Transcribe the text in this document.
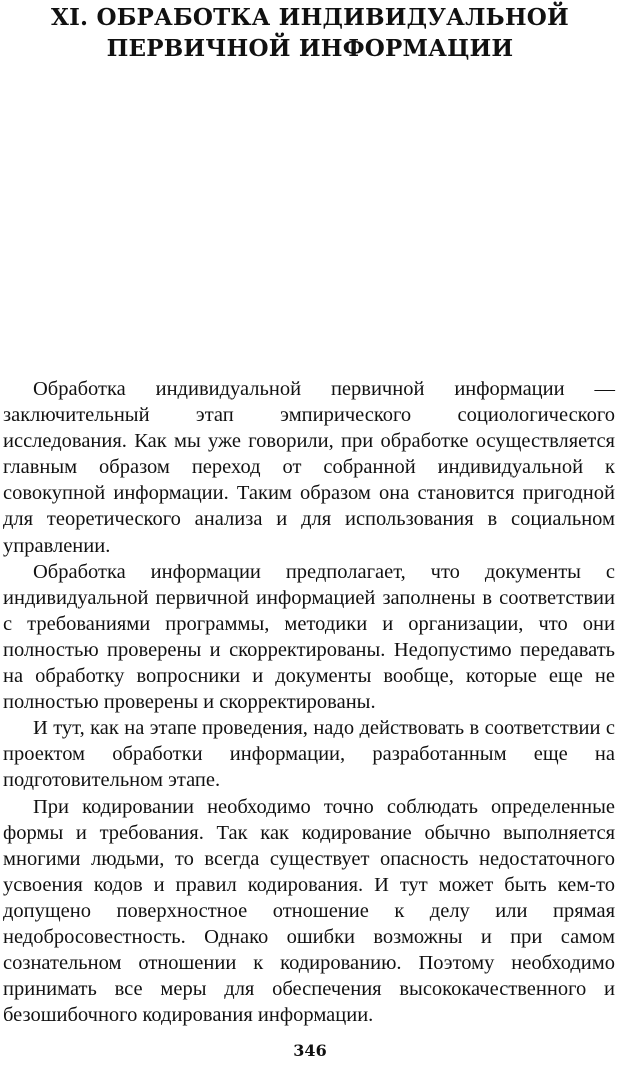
XI. ОБРАБОТКА ИНДИВИДУАЛЬНОЙ
ПЕРВИЧНОЙ ИНФОРМАЦИИ

Обработка индивидуальной первичной информации — заключительный этап эмпирического социологического исследования. Как мы уже говорили, при обработке осуществляется главным образом переход от собранной индивидуальной к совокупной информации. Таким образом она становится пригодной для теоретического анализа и для использования в социальном управлении.

Обработка информации предполагает, что документы с индивидуальной первичной информацией заполнены в соответствии с требованиями программы, методики и организации, что они полностью проверены и скорректированы. Недопустимо передавать на обработку вопросники и документы вообще, которые еще не полностью проверены и скорректированы.

И тут, как на этапе проведения, надо действовать в соответствии с проектом обработки информации, разработанным еще на подготовительном этапе.

При кодировании необходимо точно соблюдать определенные формы и требования. Так как кодирование обычно выполняется многими людьми, то всегда существует опасность недостаточного усвоения кодов и правил кодирования. И тут может быть кем-то допущено поверхностное отношение к делу или прямая недобросовестность. Однако ошибки возможны и при самом сознательном отношении к кодированию. Поэтому необходимо принимать все меры для обеспечения высококачественного и безошибочного кодирования информации.

346
